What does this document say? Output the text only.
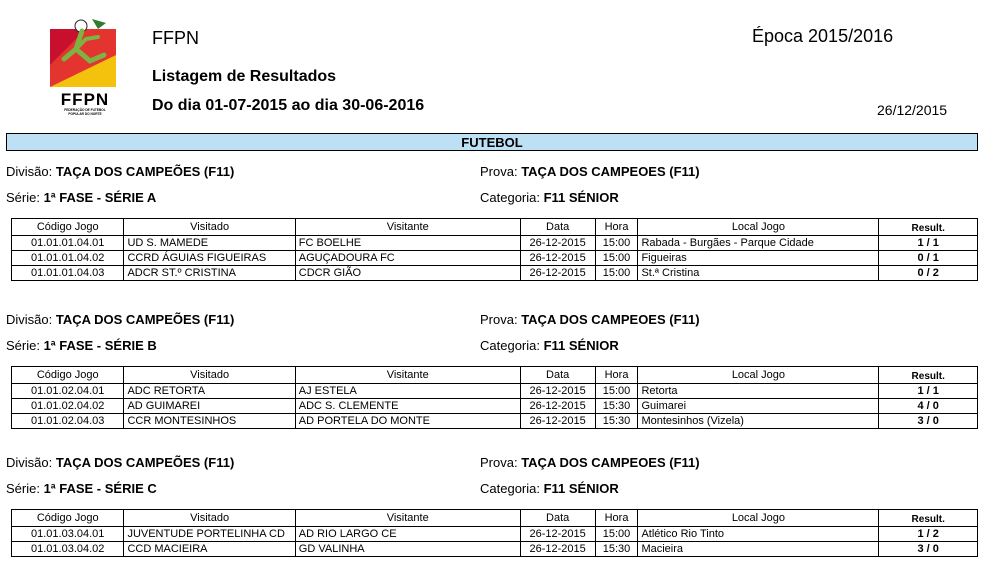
FFPN
FEDERAÇÃO DE FUTEBOL
POPULAR DO NORTE
FFPN	Época 2015/2016
Listagem de Resultados
Do dia 01-07-2015 ao dia 30-06-2016	26/12/2015
FUTEBOL
Divisão: TAÇA DOS CAMPEÕES (F11)	Prova: TAÇA DOS CAMPEOES (F11)
Série: 1ª FASE - SÉRIE A	Categoria: F11 SÉNIOR
Código Jogo	Visitado	Visitante	Data	Hora	Local Jogo	Result.
01.01.01.04.01	UD S. MAMEDE	FC BOELHE	26-12-2015	15:00	Rabada - Burgães - Parque Cidade	1 / 1
01.01.01.04.02	CCRD ÁGUIAS FIGUEIRAS	AGUÇADOURA FC	26-12-2015	15:00	Figueiras	0 / 1
01.01.01.04.03	ADCR ST.º CRISTINA	CDCR GIÃO	26-12-2015	15:00	St.ª Cristina	0 / 2
Divisão: TAÇA DOS CAMPEÕES (F11)	Prova: TAÇA DOS CAMPEOES (F11)
Série: 1ª FASE - SÉRIE B	Categoria: F11 SÉNIOR
Código Jogo	Visitado	Visitante	Data	Hora	Local Jogo	Result.
01.01.02.04.01	ADC RETORTA	AJ ESTELA	26-12-2015	15:00	Retorta	1 / 1
01.01.02.04.02	AD GUIMAREI	ADC S. CLEMENTE	26-12-2015	15:30	Guimarei	4 / 0
01.01.02.04.03	CCR MONTESINHOS	AD PORTELA DO MONTE	26-12-2015	15:30	Montesinhos (Vizela)	3 / 0
Divisão: TAÇA DOS CAMPEÕES (F11)	Prova: TAÇA DOS CAMPEOES (F11)
Série: 1ª FASE - SÉRIE C	Categoria: F11 SÉNIOR
Código Jogo	Visitado	Visitante	Data	Hora	Local Jogo	Result.
01.01.03.04.01	JUVENTUDE PORTELINHA CD	AD RIO LARGO CE	26-12-2015	15:00	Atlético Rio Tinto	1 / 2
01.01.03.04.02	CCD MACIEIRA	GD VALINHA	26-12-2015	15:30	Macieira	3 / 0
